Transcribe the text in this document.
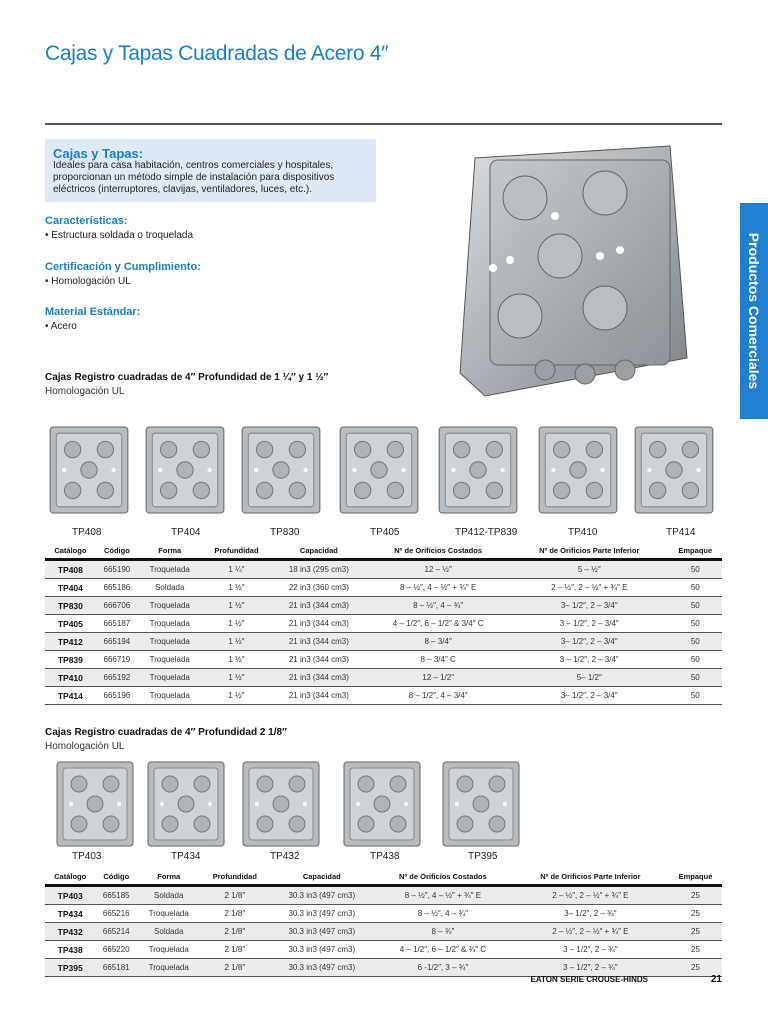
Cajas y Tapas Cuadradas de Acero 4″
Cajas y Tapas:
Ideales para casa habitación, centros comerciales y hospitales, proporcionan un método simple de instalación para dispositivos eléctricos (interruptores, clavijas, ventiladores, luces, etc.).
Características:
• Estructura soldada o troquelada
Certificación y Cumplimiento:
• Homologación UL
Material Estándar:
• Acero	Productos Comerciales
Cajas Registro cuadradas de 4″ Profundidad de 1 ¼″ y 1 ½″
Homologación UL
TP408	TP404	TP830	TP405	TP412-TP839	TP410	TP414
Catálogo	Código	Forma	Profundidad	Capacidad	Nº de Orificios Costados	Nº de Orificios Parte Inferior	Empaque
TP408	665190	Troquelada	1 ¼″	18 in3 (295 cm3)	12 – ½″	5 – ½″	50
TP404	665186	Soldada	1 ½″	22 in3 (360 cm3)	8 – ½″, 4 – ½″ + ¾″ E	2 – ½″, 2 – ½″ + ¾″ E	50
TP830	666706	Troquelada	1 ½″	21 in3 (344 cm3)	8 – ½″, 4 – ¾″	3– 1/2″, 2 – 3/4″	50
TP405	665187	Troquelada	1 ½″	21 in3 (344 cm3)	4 – 1/2″, 6 – 1/2″ & 3/4″ C	3 – 1/2″, 2 – 3/4″	50
TP412	665194	Troquelada	1 ½″	21 in3 (344 cm3)	8 – 3/4″	3– 1/2″, 2 – 3/4″	50
TP839	666719	Troquelada	1 ½″	21 in3 (344 cm3)	8 – 3/4″ C	3 – 1/2″, 2 – 3/4″	50
TP410	665192	Troquelada	1 ½″	21 in3 (344 cm3)	12 – 1/2″	5– 1/2″	50
TP414	665196	Troquelada	1 ½″	21 in3 (344 cm3)	8 – 1/2″, 4 – 3/4″	3– 1/2″, 2 – 3/4″	50
Cajas Registro cuadradas de 4″ Profundidad 2 1/8″
Homologación UL
TP403	TP434	TP432	TP438	TP395
Catálogo	Código	Forma	Profundidad	Capacidad	Nº de Orificios Costados	Nº de Orificios Parte Inferior	Empaque
TP403	665185	Soldada	2 1/8″	30.3 in3 (497 cm3)	8 – ½″, 4 – ½″ + ¾″ E	2 – ½″, 2 – ½″ + ¾″ E	25
TP434	665216	Troquelada	2 1/8″	30.3 in3 (497 cm3)	8 – ½″, 4 – ¾″	3– 1/2″, 2 – ¾″	25
TP432	665214	Soldada	2 1/8″	30.3 in3 (497 cm3)	8 – ¾″	2 – ½″, 2 – ½″ + ¾″ E	25
TP438	665220	Troquelada	2 1/8″	30.3 in3 (497 cm3)	4 – 1/2″, 6 – 1/2″ & ¾″ C	3 – 1/2″, 2 – ¾″	25
TP395	665181	Troquelada	2 1/8″	30.3 in3 (497 cm3)	6 -1/2″, 3 – ¾″	3 – 1/2″, 2 – ¾″	25
EATON SERIE CROUSE-HINDS	21
